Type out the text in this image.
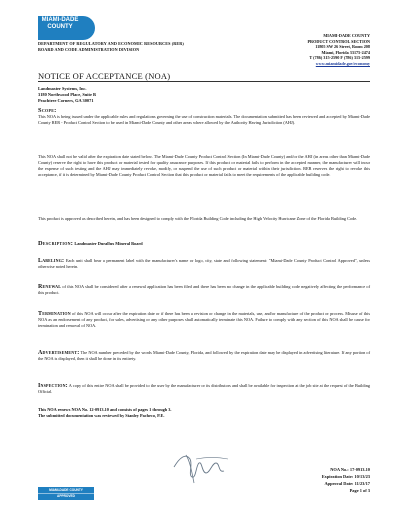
MIAMI-DADE COUNTY
DEPARTMENT OF REGULATORY AND ECONOMIC RESOURCES (RER)
BOARD AND CODE ADMINISTRATION DIVISION
MIAMI-DADE COUNTY
PRODUCT CONTROL SECTION
11805 SW 26 Street, Room 208
Miami, Florida 33175-2474
T (786) 315-2590 F (786) 315-2599
www.miamidade.gov/economy
NOTICE OF ACCEPTANCE (NOA)
Landmaster Systems, Inc.
3180 Northwood Place, Suite B
Peachtree Corners, GA 30071
Scope:
This NOA is being issued under the applicable rules and regulations governing the use of construction materials. The documentation submitted has been reviewed and accepted by Miami-Dade County RER - Product Control Section to be used in Miami-Dade County and other areas where allowed by the Authority Having Jurisdiction (AHJ).
This NOA shall not be valid after the expiration date stated below. The Miami-Dade County Product Control Section (In Miami-Dade County) and/or the AHJ (in areas other than Miami-Dade County) reserve the right to have this product or material tested for quality assurance purposes. If this product or material fails to perform in the accepted manner, the manufacturer will incur the expense of such testing and the AHJ may immediately revoke, modify, or suspend the use of such product or material within their jurisdiction. RER reserves the right to revoke this acceptance, if it is determined by Miami-Dade County Product Control Section that this product or material fails to meet the requirements of the applicable building code.
This product is approved as described herein, and has been designed to comply with the Florida Building Code including the High Velocity Hurricane Zone of the Florida Building Code.
Description: Landmaster Durallux Mineral Board
Labeling: Each unit shall bear a permanent label with the manufacturer's name or logo, city, state and following statement: "Miami-Dade County Product Control Approved", unless otherwise noted herein.
Renewal of this NOA shall be considered after a renewal application has been filed and there has been no change in the applicable building code negatively affecting the performance of this product.
Termination of this NOA will occur after the expiration date or if there has been a revision or change in the materials, use, and/or manufacture of the product or process. Misuse of this NOA as an endorsement of any product, for sales, advertising or any other purposes shall automatically terminate this NOA. Failure to comply with any section of this NOA shall be cause for termination and removal of NOA.
Advertisement: The NOA number preceded by the words Miami-Dade County, Florida, and followed by the expiration date may be displayed in advertising literature. If any portion of the NOA is displayed, then it shall be done in its entirety.
Inspection: A copy of this entire NOA shall be provided to the user by the manufacturer or its distributors and shall be available for inspection at the job site at the request of the Building Official.
This NOA renews NOA No. 12-0913.10 and consists of pages 1 through 3.
The submitted documentation was reviewed by Stanley Pacheco, P.E.
NOA No.: 17-0913.10
Expiration Date: 10/13/23
Approval Date: 11/23/17
Page 1 of 3
MIAMI-DADE COUNTY
APPROVED
